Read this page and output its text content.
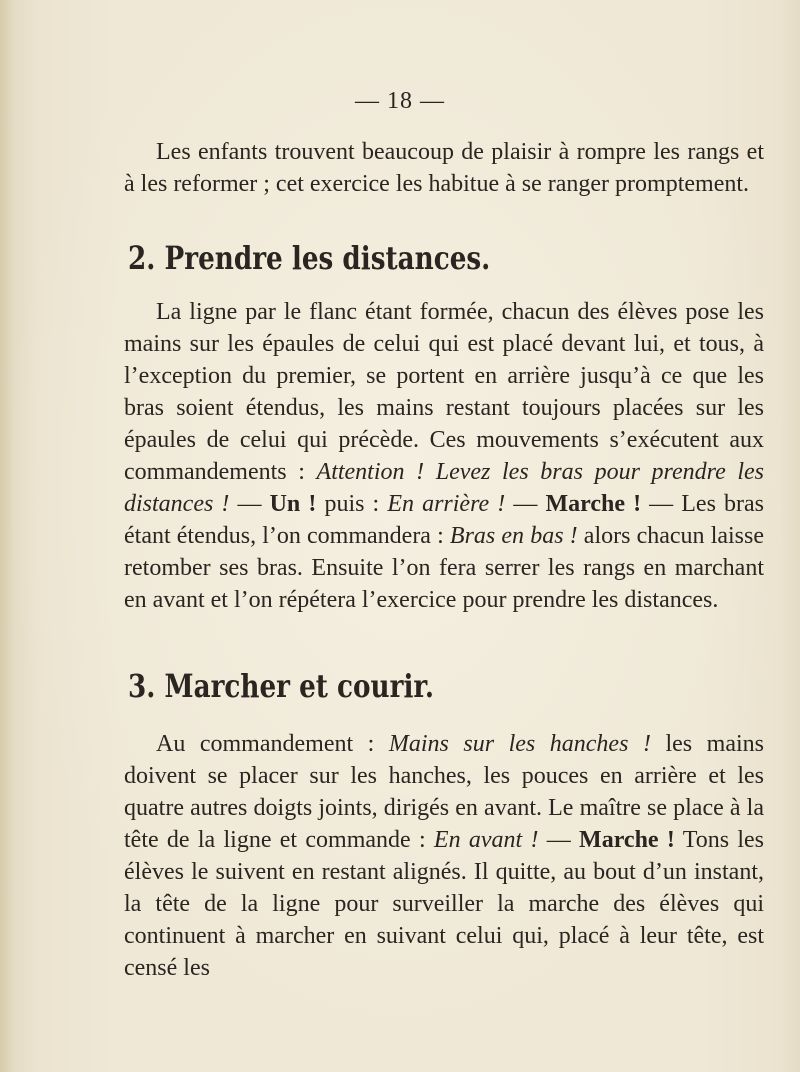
— 18 —

Les enfants trouvent beaucoup de plaisir à rompre les rangs et à les reformer ; cet exercice les habitue à se ranger promptement.

2. Prendre les distances.

La ligne par le flanc étant formée, chacun des élèves pose les mains sur les épaules de celui qui est placé devant lui, et tous, à l’exception du premier, se portent en arrière jusqu’à ce que les bras soient étendus, les mains restant toujours placées sur les épaules de celui qui précède. Ces mouvements s’exécutent aux commandements : Attention ! Levez les bras pour prendre les distances ! — Un ! puis : En arrière ! — Marche ! — Les bras étant étendus, l’on commandera : Bras en bas ! alors chacun laisse retomber ses bras. Ensuite l’on fera serrer les rangs en marchant en avant et l’on répétera l’exercice pour prendre les distances.

3. Marcher et courir.

Au commandement : Mains sur les hanches ! les mains doivent se placer sur les hanches, les pouces en arrière et les quatre autres doigts joints, dirigés en avant. Le maître se place à la tête de la ligne et commande : En avant ! — Marche ! Tons les élèves le suivent en restant alignés. Il quitte, au bout d’un instant, la tête de la ligne pour surveiller la marche des élèves qui continuent à marcher en suivant celui qui, placé à leur tête, est censé les
